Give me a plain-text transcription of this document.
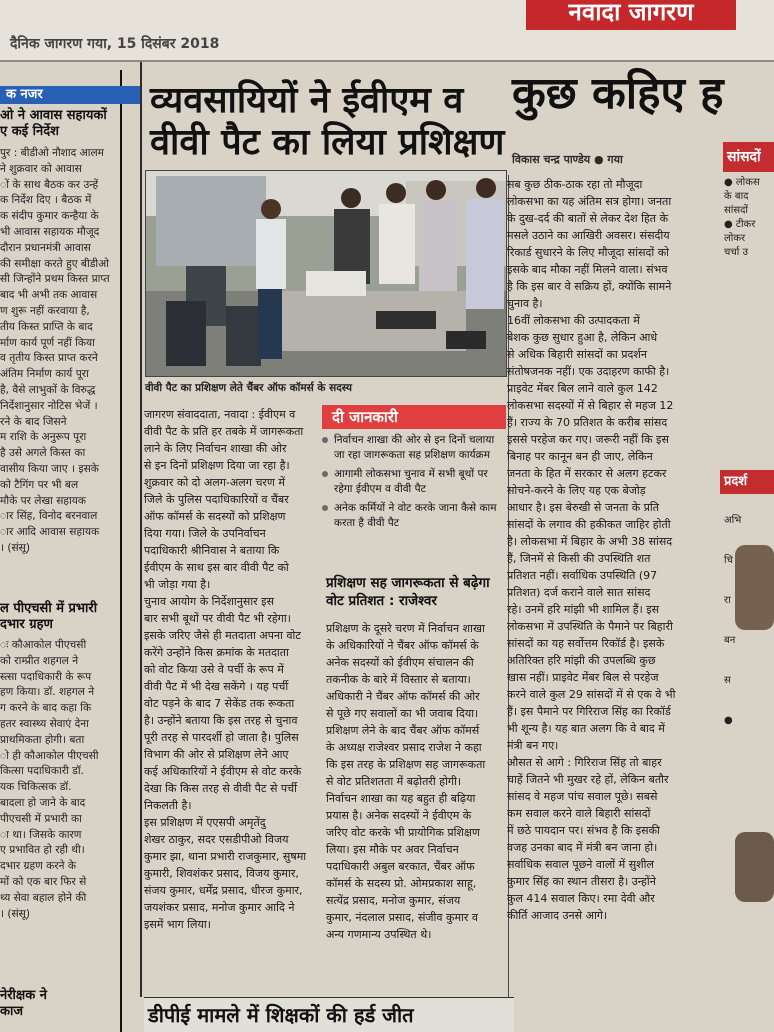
नवादा जागरण
दैनिक जागरण गया, 15 दिसंबर 2018
क नजर
ओ ने आवास सहायकों
ए कई निर्देश

पुर : बीडीओ नौशाद आलम

ने शुक्रवार को आवास

ों के साथ बैठक कर उन्हें

क निर्देश दिए । बैठक में

क संदीप कुमार कन्हैया के

भी आवास सहायक मौजूद

दौरान प्रधानमंत्री आवास

की समीक्षा करते हुए बीडीओ

सी जिन्होंने प्रथम किस्त प्राप्त

बाद भी अभी तक आवास

ण शुरू नहीं करवाया है,

तीय किस्त प्राप्ति के बाद

र्माण कार्य पूर्ण नहीं किया

व तृतीय किस्त प्राप्त करने

अंतिम निर्माण कार्य पूरा

है, वैसे लाभुकों के विरुद्ध

निर्देशानुसार नोटिस भेजें ।

रने के बाद जिसने

म राशि के अनुरूप पूरा

है उसे अगले किस्त का

वासीय किया जाए । इसके

को टैगिंग पर भी बल

मौके पर लेखा सहायक

ार सिंह, विनोद बरनवाल

ार आदि आवास सहायक

। (संसू)

ल पीएचसी में प्रभारी
दभार ग्रहण

ः कौआकोल पीएचसी

को राम्प्रीत शहगल ने

स्त्सा पदाधिकारी के रूप

हण किया। डॉ. शहगल ने

ग करने के बाद कहा कि

हतर स्वास्थ्य सेवाएं देना

प्राथमिकता होगी। बता

ो ही कौआकोल पीएचसी

कित्सा पदाधिकारी डॉ.

यक चिकित्सक डॉ.

बादला हो जाने के बाद

पीएचसी में प्रभारी का

ा था। जिसके कारण

ए प्रभावित हो रही थी।

दभार ग्रहण करने के

मों को एक बार फिर से

थ्य सेवा बहाल होने की

। (संसू)

नेरीक्षक ने
काज
व्यवसायियों ने ईवीएम व वीवी पैट का लिया प्रशिक्षण
वीवी पैट का प्रशिक्षण लेते चैंबर ऑफ कॉमर्स के सदस्य

जागरण संवाददाता, नवादा : ईवीएम व

वीवी पैट के प्रति हर तबके में जागरूकता

लाने के लिए निर्वाचन शाखा की ओर

से इन दिनों प्रशिक्षण दिया जा रहा है।

शुक्रवार को दो अलग-अलग चरण में

जिले के पुलिस पदाधिकारियों व चैंबर

ऑफ कॉमर्स के सदस्यों को प्रशिक्षण

दिया गया। जिले के उपनिर्वाचन

पदाधिकारी श्रीनिवास ने बताया कि

ईवीएम के साथ इस बार वीवी पैट को

भी जोड़ा गया है।

चुनाव आयोग के निर्देशानुसार इस

बार सभी बूथों पर वीवी पैट भी रहेगा।

इसके जरिए जैसे ही मतदाता अपना वोट

करेंगे उन्होंने किस क्रमांक के मतदाता

को वोट किया उसे वे पर्ची के रूप में

वीवी पैट में भी देख सकेंगे । यह पर्ची

वोट पड़ने के बाद 7 सेकेंड तक रूकता

है। उन्होंने बताया कि इस तरह से चुनाव

पूरी तरह से पारदर्शी हो जाता है। पुलिस

विभाग की ओर से प्रशिक्षण लेने आए

कई अधिकारियों ने ईवीएम से वोट करके

देखा कि किस तरह से वीवी पैट से पर्ची

निकलती है।

इस प्रशिक्षण में एएसपी अमृतेंदु

शेखर ठाकुर, सदर एसडीपीओ विजय

कुमार झा, थाना प्रभारी राजकुमार, सुषमा

कुमारी, शिवशंकर प्रसाद, विजय कुमार,

संजय कुमार, धर्मेंद्र प्रसाद, धीरज कुमार,

जयशंकर प्रसाद, मनोज कुमार आदि ने

इसमें भाग लिया।

दी जानकारी
निर्वाचन शाखा की ओर से इन दिनों चलाया जा रहा जागरूकता सह प्रशिक्षण कार्यक्रम
आगामी लोकसभा चुनाव में सभी बूथों पर रहेगा ईवीएम व वीवी पैट
अनेक कर्मियों ने वोट करके जाना कैसे काम करता है वीवी पैट
प्रशिक्षण सह जागरूकता से बढ़ेगा वोट प्रतिशत : राजेश्वर

प्रशिक्षण के दूसरे चरण में निर्वाचन शाखा

के अधिकारियों ने चैंबर ऑफ कॉमर्स के

अनेक सदस्यों को ईवीएम संचालन की

तकनीक के बारे में विस्तार से बताया।

अधिकारी ने चैंबर ऑफ कॉमर्स की ओर

से पूछे गए सवालों का भी जवाब दिया।

प्रशिक्षण लेने के बाद चैंबर ऑफ कॉमर्स

के अध्यक्ष राजेश्वर प्रसाद राजेश ने कहा

कि इस तरह के प्रशिक्षण सह जागरूकता

से वोट प्रतिशतता में बढ़ोतरी होगी।

निर्वाचन शाखा का यह बहुत ही बढ़िया

प्रयास है। अनेक सदस्यों ने ईवीएम के

जरिए वोट करके भी प्रायोगिक प्रशिक्षण

लिया। इस मौके पर अवर निर्वाचन

पदाधिकारी अबुल बरकात, चैंबर ऑफ

कॉमर्स के सदस्य प्रो. ओमप्रकाश साहू,

सत्येंद्र प्रसाद, मनोज कुमार, संजय

कुमार, नंदलाल प्रसाद, संजीव कुमार व

अन्य गणमान्य उपस्थित थे।

कुछ कहिए ह
विकास चन्द्र पाण्डेय ● गया

सब कुछ ठीक-ठाक रहा तो मौजूदा

लोकसभा का यह अंतिम सत्र होगा। जनता

के दुख-दर्द की बातों से लेकर देश हित के

मसले उठाने का आखिरी अवसर। संसदीय

रिकार्ड सुधारने के लिए मौजूदा सांसदों को

इसके बाद मौका नहीं मिलने वाला। संभव

है कि इस बार वे सक्रिय हों, क्योंकि सामने

चुनाव है।

16वीं लोकसभा की उत्पादकता में

बेशक कुछ सुधार हुआ है, लेकिन आधे

से अधिक बिहारी सांसदों का प्रदर्शन

संतोषजनक नहीं। एक उदाहरण काफी है।

प्राइवेट मेंबर बिल लाने वाले कुल 142

लोकसभा सदस्यों में से बिहार से महज 12

हैं। राज्य के 70 प्रतिशत के करीब सांसद

इससे परहेज कर गए। जरूरी नहीं कि इस

बिनाह पर कानून बन ही जाए, लेकिन

जनता के हित में सरकार से अलग हटकर

सोचने-करने के लिए यह एक बेजोड़

आधार है। इस बेरुखी से जनता के प्रति

सांसदों के लगाव की हकीकत जाहिर होती

है। लोकसभा में बिहार के अभी 38 सांसद

हैं, जिनमें से किसी की उपस्थिति शत

प्रतिशत नहीं। सर्वाधिक उपस्थिति (97

प्रतिशत) दर्ज कराने वाले सात सांसद

रहे। उनमें हरि मांझी भी शामिल हैं। इस

लोकसभा में उपस्थिति के पैमाने पर बिहारी

सांसदों का यह सर्वोत्तम रिकॉर्ड है। इसके

अतिरिक्त हरि मांझी की उपलब्धि कुछ

खास नहीं। प्राइवेट मेंबर बिल से परहेज

करने वाले कुल 29 सांसदों में से एक वे भी

हैं। इस पैमाने पर गिरिराज सिंह का रिकॉर्ड

भी शून्य है। यह बात अलग कि वे बाद में

मंत्री बन गए।

औसत से आगे : गिरिराज सिंह तो बाहर

चाहें जितने भी मुखर रहे हों, लेकिन बतौर

सांसद वे महज पांच सवाल पूछे। सबसे

कम सवाल करने वाले बिहारी सांसदों

में छठे पायदान पर। संभव है कि इसकी

वजह उनका बाद में मंत्री बन जाना हो।

सर्वाधिक सवाल पूछने वालों में सुशील

कुमार सिंह का स्थान तीसरा है। उन्होंने

कुल 414 सवाल किए। रमा देवी और

कीर्ति आजाद उनसे आगे।

सांसदों
● लोकस
के बाद
सांसदों
● टीकर
लोकर
चर्चा उ
प्रदर्श
अभि
चि
रा
बन
स
●
डीपीई मामले में शिक्षकों की हर्ड जीत
